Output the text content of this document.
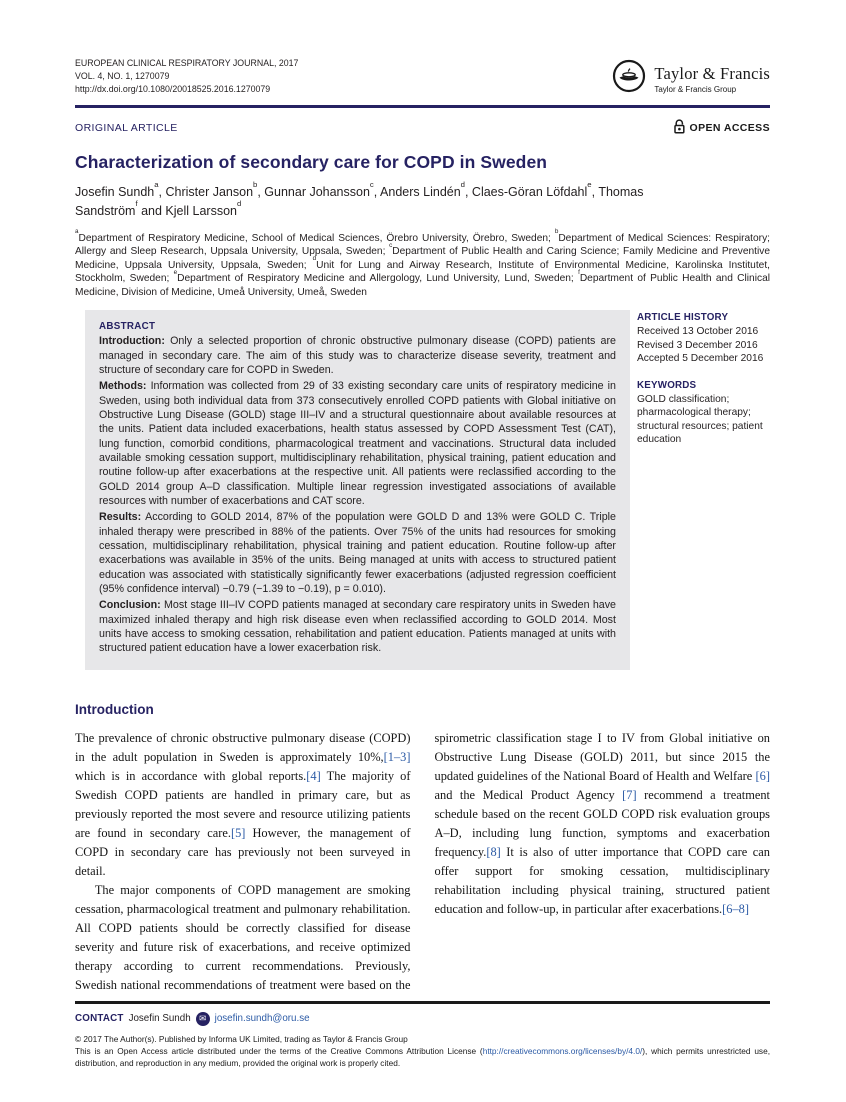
EUROPEAN CLINICAL RESPIRATORY JOURNAL, 2017
VOL. 4, NO. 1, 1270079
http://dx.doi.org/10.1080/20018525.2016.1270079
Taylor & Francis
Taylor & Francis Group
ORIGINAL ARTICLE	OPEN ACCESS
Characterization of secondary care for COPD in Sweden
Josefin Sundh$^a$, Christer Janson$^b$, Gunnar Johansson$^c$, Anders Lindén$^d$, Claes-Göran Löfdahl$^e$, Thomas Sandström$^f$ and Kjell Larsson$^d$
$^a$Department of Respiratory Medicine, School of Medical Sciences, Örebro University, Örebro, Sweden; $^b$Department of Medical Sciences: Respiratory; Allergy and Sleep Research, Uppsala University, Uppsala, Sweden; $^c$Department of Public Health and Caring Science; Family Medicine and Preventive Medicine, Uppsala University, Uppsala, Sweden; $^d$Unit for Lung and Airway Research, Institute of Environmental Medicine, Karolinska Institutet, Stockholm, Sweden; $^e$Department of Respiratory Medicine and Allergology, Lund University, Lund, Sweden; $^f$Department of Public Health and Clinical Medicine, Division of Medicine, Umeå University, Umeå, Sweden
ABSTRACT

Introduction: Only a selected proportion of chronic obstructive pulmonary disease (COPD) patients are managed in secondary care. The aim of this study was to characterize disease severity, treatment and structure of secondary care for COPD in Sweden.

Methods: Information was collected from 29 of 33 existing secondary care units of respiratory medicine in Sweden, using both individual data from 373 consecutively enrolled COPD patients with Global initiative on Obstructive Lung Disease (GOLD) stage III–IV and a structural questionnaire about available resources at the units. Patient data included exacerbations, health status assessed by COPD Assessment Test (CAT), lung function, comorbid conditions, pharmacological treatment and vaccinations. Structural data included available smoking cessation support, multidisciplinary rehabilitation, physical training, patient education and routine follow-up after exacerbations at the respective unit. All patients were reclassified according to the GOLD 2014 group A–D classification. Multiple linear regression investigated associations of available resources with number of exacerbations and CAT score.

Results: According to GOLD 2014, 87% of the population were GOLD D and 13% were GOLD C. Triple inhaled therapy were prescribed in 88% of the patients. Over 75% of the units had resources for smoking cessation, multidisciplinary rehabilitation, physical training and patient education. Routine follow-up after exacerbations was available in 35% of the units. Being managed at units with access to structured patient education was associated with statistically significantly fewer exacerbations (adjusted regression coefficient (95% confidence interval) −0.79 (−1.39 to −0.19), p = 0.010).

Conclusion: Most stage III–IV COPD patients managed at secondary care respiratory units in Sweden have maximized inhaled therapy and high risk disease even when reclassified according to GOLD 2014. Most units have access to smoking cessation, rehabilitation and patient education. Patients managed at units with structured patient education have a lower exacerbation risk.

ARTICLE HISTORY
Received 13 October 2016
Revised 3 December 2016
Accepted 5 December 2016
KEYWORDS
GOLD classification; pharmacological therapy; structural resources; patient education
Introduction

The prevalence of chronic obstructive pulmonary disease (COPD) in the adult population in Sweden is approximately 10%,[1–3] which is in accordance with global reports.[4] The majority of Swedish COPD patients are handled in primary care, but as previously reported the most severe and resource utilizing patients are found in secondary care.[5] However, the management of COPD in secondary care has previously not been surveyed in detail.

The major components of COPD management are smoking cessation, pharmacological treatment and pulmonary rehabilitation. All COPD patients should be correctly classified for disease severity and future risk of exacerbations, and receive optimized therapy according to current recommendations. Previously, Swedish national recommendations of treatment were based on the spirometric classification stage I to IV from Global initiative on Obstructive Lung Disease (GOLD) 2011, but since 2015 the updated guidelines of the National Board of Health and Welfare [6] and the Medical Product Agency [7] recommend a treatment schedule based on the recent GOLD COPD risk evaluation groups A–D, including lung function, symptoms and exacerbation frequency.[8] It is also of utter importance that COPD care can offer support for smoking cessation, multidisciplinary rehabilitation including physical training, structured patient education and follow-up, in particular after exacerbations.[6–8]

CONTACT Josefin Sundh ✉ josefin.sundh@oru.se
© 2017 The Author(s). Published by Informa UK Limited, trading as Taylor & Francis Group
This is an Open Access article distributed under the terms of the Creative Commons Attribution License (http://creativecommons.org/licenses/by/4.0/), which permits unrestricted use, distribution, and reproduction in any medium, provided the original work is properly cited.
